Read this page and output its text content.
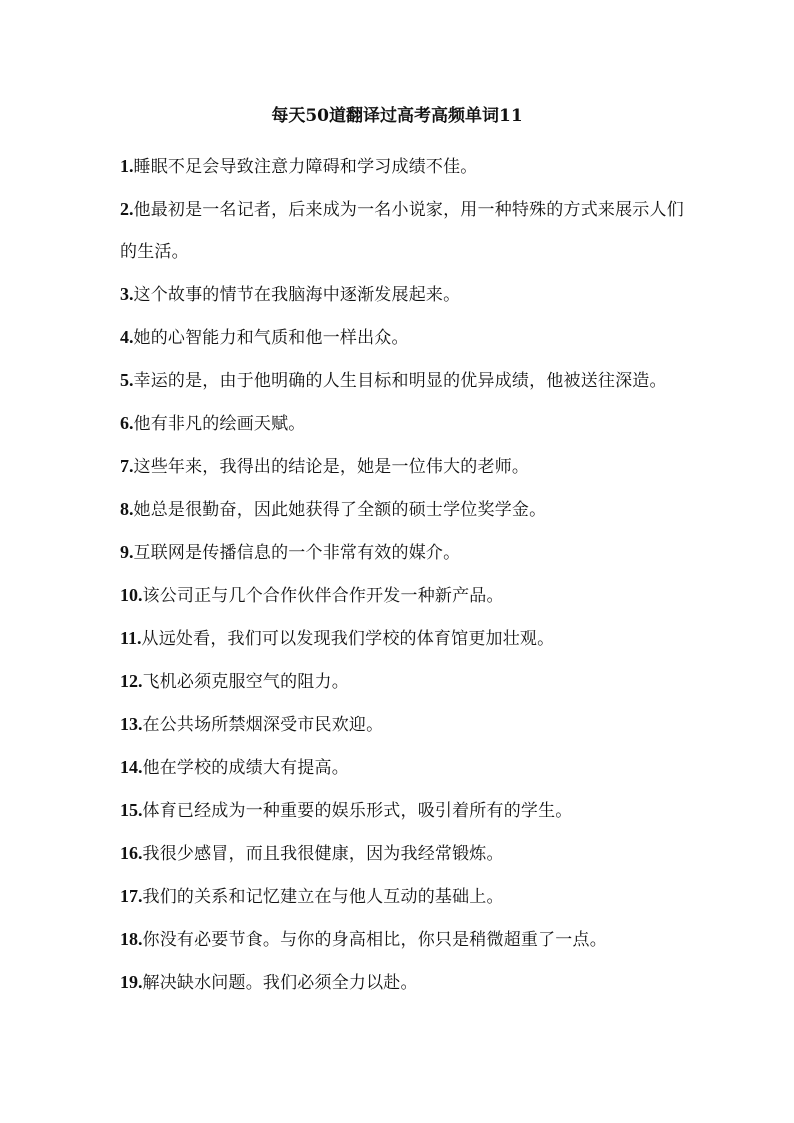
每天50道翻译过高考高频单词11
1.睡眠不足会导致注意力障碍和学习成绩不佳。
2.他最初是一名记者，后来成为一名小说家，用一种特殊的方式来展示人们的生活。
3.这个故事的情节在我脑海中逐渐发展起来。
4.她的心智能力和气质和他一样出众。
5.幸运的是，由于他明确的人生目标和明显的优异成绩，他被送往深造。
6.他有非凡的绘画天赋。
7.这些年来，我得出的结论是，她是一位伟大的老师。
8.她总是很勤奋，因此她获得了全额的硕士学位奖学金。
9.互联网是传播信息的一个非常有效的媒介。
10.该公司正与几个合作伙伴合作开发一种新产品。
11.从远处看，我们可以发现我们学校的体育馆更加壮观。
12.飞机必须克服空气的阻力。
13.在公共场所禁烟深受市民欢迎。
14.他在学校的成绩大有提高。
15.体育已经成为一种重要的娱乐形式，吸引着所有的学生。
16.我很少感冒，而且我很健康，因为我经常锻炼。
17.我们的关系和记忆建立在与他人互动的基础上。
18.你没有必要节食。与你的身高相比，你只是稍微超重了一点。
19.解决缺水问题。我们必须全力以赴。
